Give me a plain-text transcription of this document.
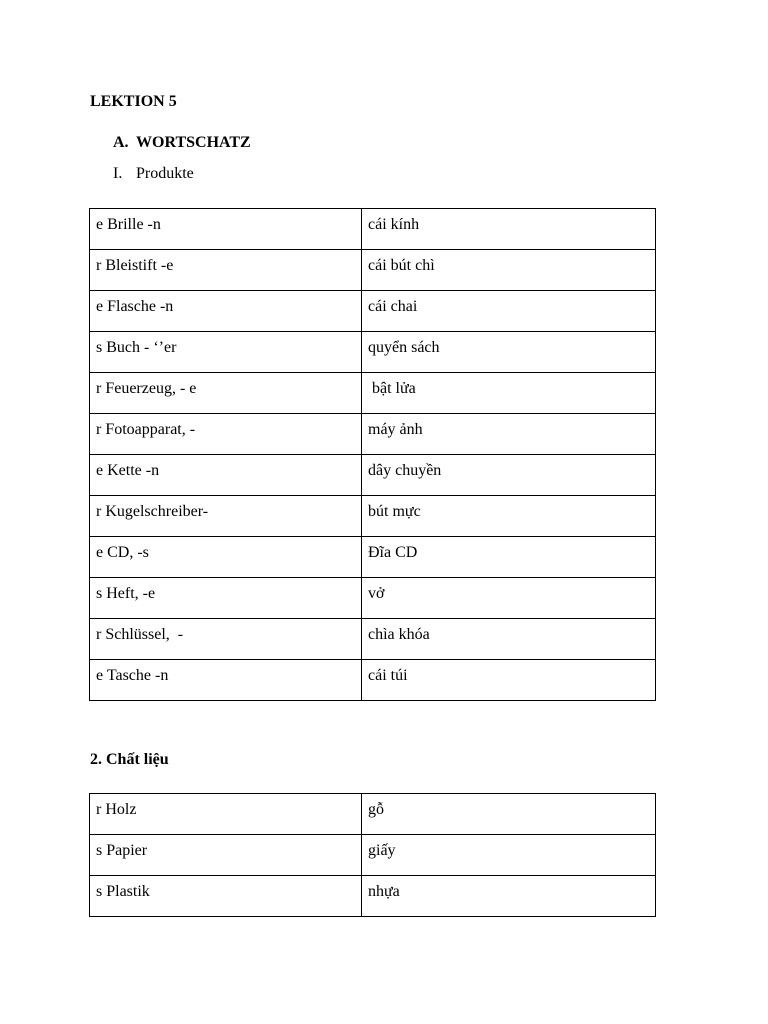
LEKTION 5
A. WORTSCHATZ
I. Produkte
e Brille -n	cái kính
r Bleistift -e	cái bút chì
e Flasche -n	cái chai
s Buch - ‘’er	quyển sách
r Feuerzeug, - e	bật lửa
r Fotoapparat, -	máy ảnh
e Kette -n	dây chuyền
r Kugelschreiber-	bút mực
e CD, -s	Đĩa CD
s Heft, -e	vở
r Schlüssel,  -	chìa khóa
e Tasche -n	cái túi
2. Chất liệu
r Holz	gỗ
s Papier	giấy
s Plastik	nhựa
